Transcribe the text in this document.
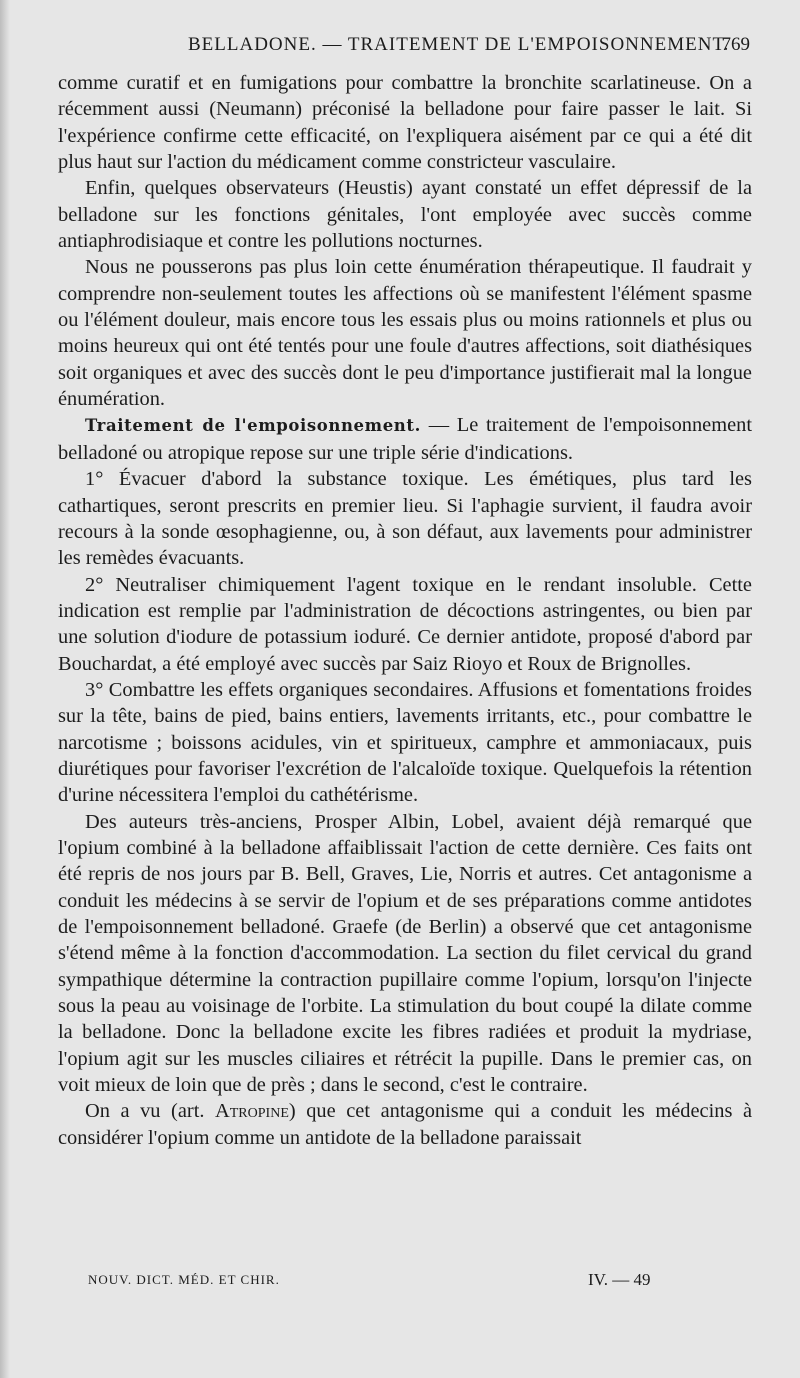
BELLADONE. — TRAITEMENT DE L'EMPOISONNEMENT.
769

comme curatif et en fumigations pour combattre la bronchite scarlatineuse. On a récemment aussi (Neumann) préconisé la belladone pour faire passer le lait. Si l'expérience confirme cette efficacité, on l'expliquera aisément par ce qui a été dit plus haut sur l'action du médicament comme constricteur vasculaire.

Enfin, quelques observateurs (Heustis) ayant constaté un effet dépressif de la belladone sur les fonctions génitales, l'ont employée avec succès comme antiaphrodisiaque et contre les pollutions nocturnes.

Nous ne pousserons pas plus loin cette énumération thérapeutique. Il faudrait y comprendre non-seulement toutes les affections où se manifestent l'élément spasme ou l'élément douleur, mais encore tous les essais plus ou moins rationnels et plus ou moins heureux qui ont été tentés pour une foule d'autres affections, soit diathésiques soit organiques et avec des succès dont le peu d'importance justifierait mal la longue énumération.

Traitement de l'empoisonnement. — Le traitement de l'empoisonnement belladoné ou atropique repose sur une triple série d'indications.

1° Évacuer d'abord la substance toxique. Les émétiques, plus tard les cathartiques, seront prescrits en premier lieu. Si l'aphagie survient, il faudra avoir recours à la sonde œsophagienne, ou, à son défaut, aux lavements pour administrer les remèdes évacuants.

2° Neutraliser chimiquement l'agent toxique en le rendant insoluble. Cette indication est remplie par l'administration de décoctions astringentes, ou bien par une solution d'iodure de potassium ioduré. Ce dernier antidote, proposé d'abord par Bouchardat, a été employé avec succès par Saiz Rioyo et Roux de Brignolles.

3° Combattre les effets organiques secondaires. Affusions et fomentations froides sur la tête, bains de pied, bains entiers, lavements irritants, etc., pour combattre le narcotisme ; boissons acidules, vin et spiritueux, camphre et ammoniacaux, puis diurétiques pour favoriser l'excrétion de l'alcaloïde toxique. Quelquefois la rétention d'urine nécessitera l'emploi du cathétérisme.

Des auteurs très-anciens, Prosper Albin, Lobel, avaient déjà remarqué que l'opium combiné à la belladone affaiblissait l'action de cette dernière. Ces faits ont été repris de nos jours par B. Bell, Graves, Lie, Norris et autres. Cet antagonisme a conduit les médecins à se servir de l'opium et de ses préparations comme antidotes de l'empoisonnement belladoné. Graefe (de Berlin) a observé que cet antagonisme s'étend même à la fonction d'accommodation. La section du filet cervical du grand sympathique détermine la contraction pupillaire comme l'opium, lorsqu'on l'injecte sous la peau au voisinage de l'orbite. La stimulation du bout coupé la dilate comme la belladone. Donc la belladone excite les fibres radiées et produit la mydriase, l'opium agit sur les muscles ciliaires et rétrécit la pupille. Dans le premier cas, on voit mieux de loin que de près ; dans le second, c'est le contraire.

On a vu (art. Atropine) que cet antagonisme qui a conduit les médecins à considérer l'opium comme un antidote de la belladone paraissait

NOUV. DICT. MÉD. ET CHIR.	IV. — 49
